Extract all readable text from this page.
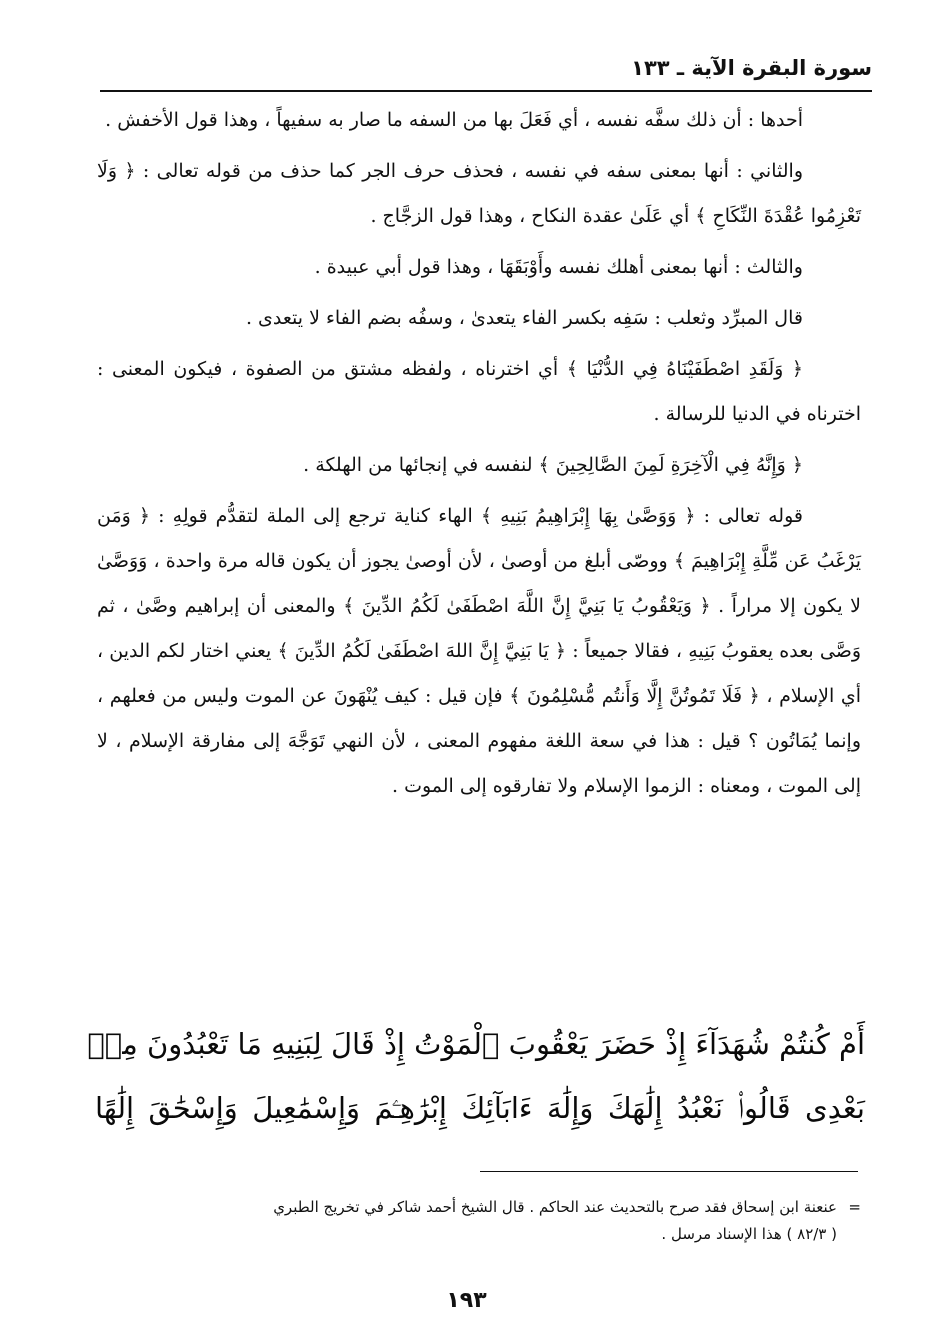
سورة البقرة الآية ـ ١٣٣

أحدها : أن ذلك سفَّه نفسه ، أي فَعَلَ بها من السفه ما صار به سفيهاً ، وهذا قول الأخفش .

والثاني : أنها بمعنى سفه في نفسه ، فحذف حرف الجر كما حذف من قوله تعالى : ﴿ وَلَا تَعْزِمُوا عُقْدَةَ النِّكَاحِ ﴾ أي عَلَىٰ عقدة النكاح ، وهذا قول الزجَّاج .

والثالث : أنها بمعنى أهلك نفسه وأَوْبَقَهَا ، وهذا قول أبي عبيدة .

قال المبرِّد وثعلب : سَفِه بكسر الفاء يتعدىٰ ، وسفُه بضم الفاء لا يتعدى .

﴿ وَلَقَدِ اصْطَفَيْنَاهُ فِي الدُّنْيَا ﴾ أي اخترناه ، ولفظه مشتق من الصفوة ، فيكون المعنى : اخترناه في الدنيا للرسالة .

﴿ وَإِنَّهُ فِي الْآخِرَةِ لَمِنَ الصَّالِحِينَ ﴾ لنفسه في إنجائها من الهلكة .

قوله تعالى : ﴿ وَوَصَّىٰ بِهَا إِبْرَاهِيمُ بَنِيهِ ﴾ الهاء كناية ترجع إلى الملة لتقدُّم قولِهِ : ﴿ وَمَن يَرْغَبُ عَن مِّلَّةِ إِبْرَاهِيمَ ﴾ ووصّى أبلغ من أوصىٰ ، لأن أوصىٰ يجوز أن يكون قاله مرة واحدة ، وَوَصَّىٰ لا يكون إلا مراراً . ﴿ وَيَعْقُوبُ يَا بَنِيَّ إِنَّ اللَّهَ اصْطَفَىٰ لَكُمُ الدِّينَ ﴾ والمعنى أن إبراهيم وصَّىٰ ، ثم وَصَّى بعده يعقوبُ بَنِيهِ ، فقالا جميعاً : ﴿ يَا بَنِيَّ إِنَّ اللهَ اصْطَفَىٰ لَكُمُ الدِّينَ ﴾ يعني اختار لكم الدين ، أي الإسلام ، ﴿ فَلَا تَمُوتُنَّ إِلَّا وَأَنتُم مُّسْلِمُونَ ﴾ فإن قيل : كيف يُنْهَونَ عن الموت وليس من فعلهم ، وإنما يُمَاتُون ؟ قيل : هذا في سعة اللغة مفهوم المعنى ، لأن النهي تَوَجَّهَ إلى مفارقة الإسلام ، لا إلى الموت ، ومعناه : الزموا الإسلام ولا تفارقوه إلى الموت .

أَمْ كُنتُمْ شُهَدَآءَ إِذْ حَضَرَ يَعْقُوبَ ٱلْمَوْتُ إِذْ قَالَ لِبَنِيهِ مَا تَعْبُدُونَ مِنۢ
بَعْدِى قَالُوا۟ نَعْبُدُ إِلَٰهَكَ وَإِلَٰهَ ءَابَآئِكَ إِبْرَٰهِـۧمَ وَإِسْمَٰعِيلَ وَإِسْحَٰقَ إِلَٰهًا
=عنعنة ابن إسحاق فقد صرح بالتحديث عند الحاكم . قال الشيخ أحمد شاكر في تخريج الطبري
( ٨٢/٣ ) هذا الإسناد مرسل .
١٩٣
